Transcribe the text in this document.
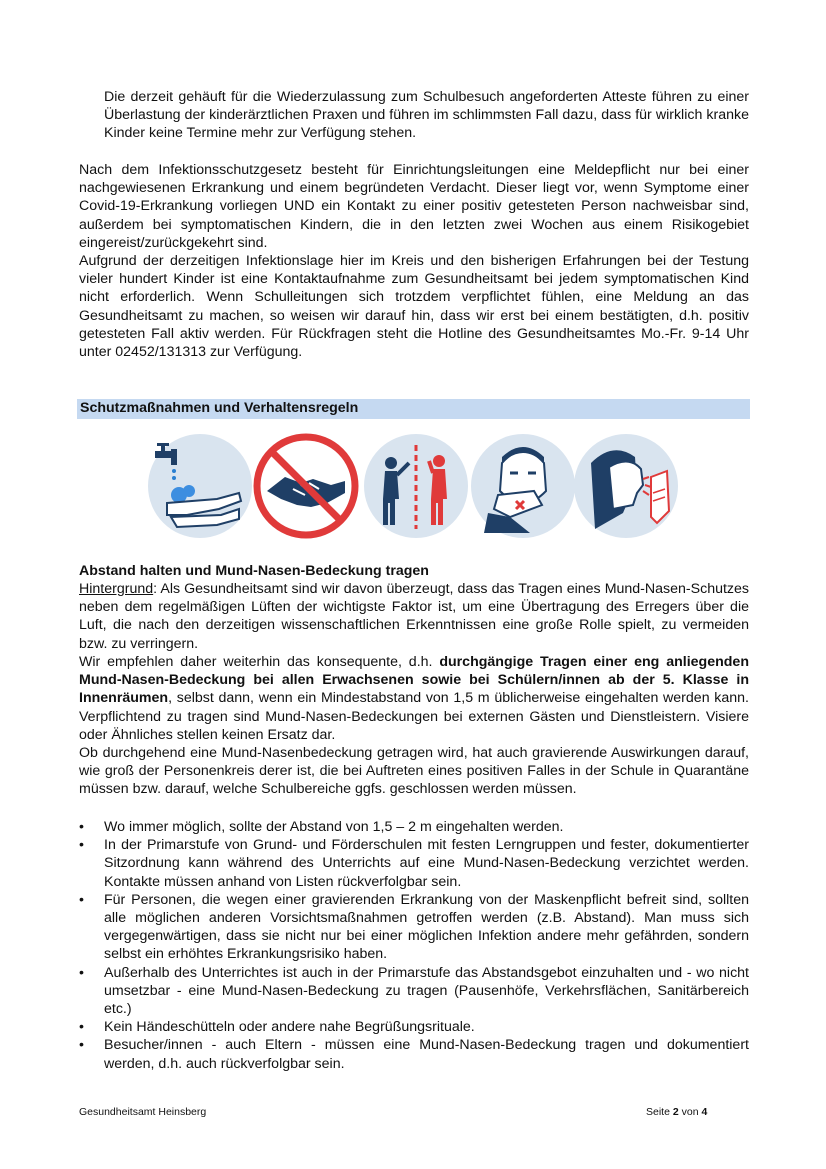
Die derzeit gehäuft für die Wiederzulassung zum Schulbesuch angeforderten Atteste führen zu einer Überlastung der kinderärztlichen Praxen und führen im schlimmsten Fall dazu, dass für wirklich kranke Kinder keine Termine mehr zur Verfügung stehen.

Nach dem Infektionsschutzgesetz besteht für Einrichtungsleitungen eine Meldepflicht nur bei einer nachgewiesenen Erkrankung und einem begründeten Verdacht. Dieser liegt vor, wenn Symptome einer Covid-19-Erkrankung vorliegen UND ein Kontakt zu einer positiv getesteten Person nachweisbar sind, außerdem bei symptomatischen Kindern, die in den letzten zwei Wochen aus einem Risikogebiet eingereist/zurückgekehrt sind.

Aufgrund der derzeitigen Infektionslage hier im Kreis und den bisherigen Erfahrungen bei der Testung vieler hundert Kinder ist eine Kontaktaufnahme zum Gesundheitsamt bei jedem symptomatischen Kind nicht erforderlich. Wenn Schulleitungen sich trotzdem verpflichtet fühlen, eine Meldung an das Gesundheitsamt zu machen, so weisen wir darauf hin, dass wir erst bei einem bestätigten, d.h. positiv getesteten Fall aktiv werden. Für Rückfragen steht die Hotline des Gesundheitsamtes Mo.-Fr. 9-14 Uhr unter 02452/131313 zur Verfügung.

Schutzmaßnahmen und Verhaltensregeln

Abstand halten und Mund-Nasen-Bedeckung tragen

Hintergrund: Als Gesundheitsamt sind wir davon überzeugt, dass das Tragen eines Mund-Nasen-Schutzes neben dem regelmäßigen Lüften der wichtigste Faktor ist, um eine Übertragung des Erregers über die Luft, die nach den derzeitigen wissenschaftlichen Erkenntnissen eine große Rolle spielt, zu vermeiden bzw. zu verringern.

Wir empfehlen daher weiterhin das konsequente, d.h. durchgängige Tragen einer eng anliegenden Mund-Nasen-Bedeckung bei allen Erwachsenen sowie bei Schülern/innen ab der 5. Klasse in Innenräumen, selbst dann, wenn ein Mindestabstand von 1,5 m üblicherweise eingehalten werden kann. Verpflichtend zu tragen sind Mund-Nasen-Bedeckungen bei externen Gästen und Dienstleistern. Visiere oder Ähnliches stellen keinen Ersatz dar.

Ob durchgehend eine Mund-Nasenbedeckung getragen wird, hat auch gravierende Auswirkungen darauf, wie groß der Personenkreis derer ist, die bei Auftreten eines positiven Falles in der Schule in Quarantäne müssen bzw. darauf, welche Schulbereiche ggfs. geschlossen werden müssen.

• Wo immer möglich, sollte der Abstand von 1,5 – 2 m eingehalten werden.
• In der Primarstufe von Grund- und Förderschulen mit festen Lerngruppen und fester, dokumentierter Sitzordnung kann während des Unterrichts auf eine Mund-Nasen-Bedeckung verzichtet werden. Kontakte müssen anhand von Listen rückverfolgbar sein.
• Für Personen, die wegen einer gravierenden Erkrankung von der Maskenpflicht befreit sind, sollten alle möglichen anderen Vorsichtsmaßnahmen getroffen werden (z.B. Abstand). Man muss sich vergegenwärtigen, dass sie nicht nur bei einer möglichen Infektion andere mehr gefährden, sondern selbst ein erhöhtes Erkrankungsrisiko haben.
• Außerhalb des Unterrichtes ist auch in der Primarstufe das Abstandsgebot einzuhalten und - wo nicht umsetzbar - eine Mund-Nasen-Bedeckung zu tragen (Pausenhöfe, Verkehrsflächen, Sanitärbereich etc.)
• Kein Händeschütteln oder andere nahe Begrüßungsrituale.
• Besucher/innen - auch Eltern - müssen eine Mund-Nasen-Bedeckung tragen und dokumentiert werden, d.h. auch rückverfolgbar sein.
Gesundheitsamt Heinsberg	Seite 2 von 4
